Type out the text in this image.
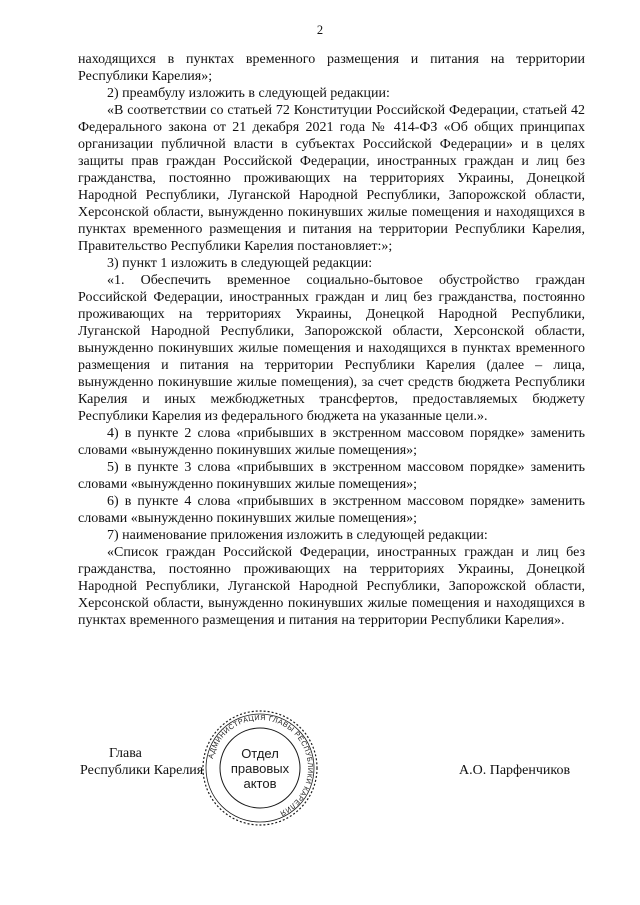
2

находящихся в пунктах временного размещения и питания на территории Республики Карелия»;

2) преамбулу изложить в следующей редакции:

«В соответствии со статьей 72 Конституции Российской Федерации, статьей 42 Федерального закона от 21 декабря 2021 года № 414-ФЗ «Об общих принципах организации публичной власти в субъектах Российской Федерации» и в целях защиты прав граждан Российской Федерации, иностранных граждан и лиц без гражданства, постоянно проживающих на территориях Украины, Донецкой Народной Республики, Луганской Народной Республики, Запорожской области, Херсонской области, вынужденно покинувших жилые помещения и находящихся в пунктах временного размещения и питания на территории Республики Карелия, Правительство Республики Карелия постановляет:»;

3) пункт 1 изложить в следующей редакции:

«1. Обеспечить временное социально-бытовое обустройство граждан Российской Федерации, иностранных граждан и лиц без гражданства, постоянно проживающих на территориях Украины, Донецкой Народной Республики, Луганской Народной Республики, Запорожской области, Херсонской области, вынужденно покинувших жилые помещения и находящихся в пунктах временного размещения и питания на территории Республики Карелия (далее – лица, вынужденно покинувшие жилые помещения), за счет средств бюджета Республики Карелия и иных межбюджетных трансфертов, предоставляемых бюджету Республики Карелия из федерального бюджета на указанные цели.».

4) в пункте 2 слова «прибывших в экстренном массовом порядке» заменить словами «вынужденно покинувших жилые помещения»;

5) в пункте 3 слова «прибывших в экстренном массовом порядке» заменить словами «вынужденно покинувших жилые помещения»;

6) в пункте 4 слова «прибывших в экстренном массовом порядке» заменить словами «вынужденно покинувших жилые помещения»;

7) наименование приложения изложить в следующей редакции:

«Список граждан Российской Федерации, иностранных граждан и лиц без гражданства, постоянно проживающих на территориях Украины, Донецкой Народной Республики, Луганской Народной Республики, Запорожской области, Херсонской области, вынужденно покинувших жилые помещения и находящихся в пунктах временного размещения и питания на территории Республики Карелия».

Глава
Республики Карелия
АДМИНИСТРАЦИЯ ГЛАВЫ РЕСПУБЛИКИ КАРЕЛИЯ
Отдел
правовых
актов
А.О. Парфенчиков
